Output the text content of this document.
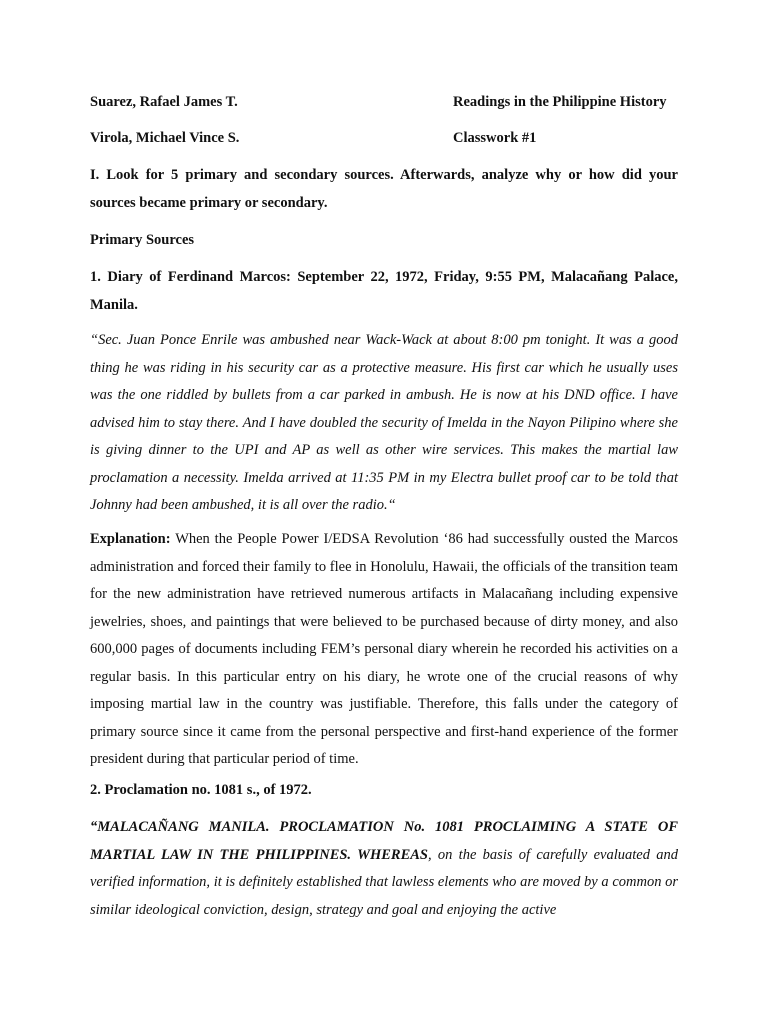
Suarez, Rafael James T.	Readings in the Philippine History
Virola, Michael Vince S.	Classwork #1
I. Look for 5 primary and secondary sources. Afterwards, analyze why or how did your sources became primary or secondary.
Primary Sources
1. Diary of Ferdinand Marcos: September 22, 1972, Friday, 9:55 PM, Malacañang Palace, Manila.
“Sec. Juan Ponce Enrile was ambushed near Wack-Wack at about 8:00 pm tonight. It was a good thing he was riding in his security car as a protective measure. His first car which he usually uses was the one riddled by bullets from a car parked in ambush. He is now at his DND office. I have advised him to stay there. And I have doubled the security of Imelda in the Nayon Pilipino where she is giving dinner to the UPI and AP as well as other wire services. This makes the martial law proclamation a necessity. Imelda arrived at 11:35 PM in my Electra bullet proof car to be told that Johnny had been ambushed, it is all over the radio.“
Explanation: When the People Power I/EDSA Revolution ‘86 had successfully ousted the Marcos administration and forced their family to flee in Honolulu, Hawaii, the officials of the transition team for the new administration have retrieved numerous artifacts in Malacañang including expensive jewelries, shoes, and paintings that were believed to be purchased because of dirty money, and also 600,000 pages of documents including FEM’s personal diary wherein he recorded his activities on a regular basis. In this particular entry on his diary, he wrote one of the crucial reasons of why imposing martial law in the country was justifiable. Therefore, this falls under the category of primary source since it came from the personal perspective and first-hand experience of the former president during that particular period of time.
2. Proclamation no. 1081 s., of 1972.
“MALACAÑANG MANILA. PROCLAMATION No. 1081 PROCLAIMING A STATE OF MARTIAL LAW IN THE PHILIPPINES. WHEREAS, on the basis of carefully evaluated and verified information, it is definitely established that lawless elements who are moved by a common or similar ideological conviction, design, strategy and goal and enjoying the active
